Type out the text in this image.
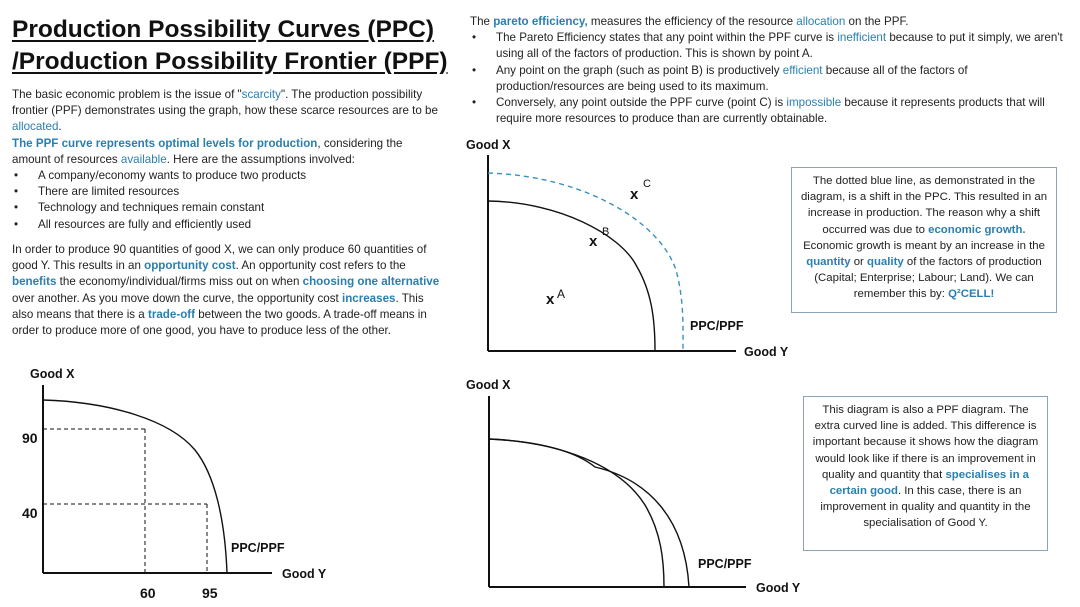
Production Possibility Curves (PPC)
/Production Possibility Frontier (PPF)
The basic economic problem is the issue of "scarcity". The production possibility frontier (PPF) demonstrates using the graph, how these scarce resources are to be allocated.
The PPF curve represents optimal levels for production, considering the amount of resources available. Here are the assumptions involved:
• A company/economy wants to produce two products
• There are limited resources
• Technology and techniques remain constant
• All resources are fully and efficiently used
In order to produce 90 quantities of good X, we can only produce 60 quantities of good Y. This results in an opportunity cost. An opportunity cost refers to the benefits the economy/individual/firms miss out on when choosing one alternative over another. As you move down the curve, the opportunity cost increases. This also means that there is a trade-off between the two goods. A trade-off means in order to produce more of one good, you have to produce less of the other.
Good X
Good Y
PPC/PPF
90
40
60	95
The pareto efficiency, measures the efficiency of the resource allocation on the PPF.
• The Pareto Efficiency states that any point within the PPF curve is inefficient because to put it simply, we aren't using all of the factors of production. This is shown by point A.
• Any point on the graph (such as point B) is productively efficient because all of the factors of production/resources are being used to its maximum.
• Conversely, any point outside the PPF curve (point C) is impossible because it represents products that will require more resources to produce than are currently obtainable.
Good X
Good Y
PPC/PPF
x
B
x
C
x A
The dotted blue line, as demonstrated in the diagram, is a shift in the PPC. This resulted in an increase in production. The reason why a shift occurred was due to economic growth. Economic growth is meant by an increase in the quantity or quality of the factors of production (Capital; Enterprise; Labour; Land). We can remember this by: Q²CELL!
Good X
Good Y
PPC/PPF
This diagram is also a PPF diagram. The extra curved line is added. This difference is important because it shows how the diagram would look like if there is an improvement in quality and quantity that specialises in a certain good. In this case, there is an improvement in quality and quantity in the specialisation of Good Y.
